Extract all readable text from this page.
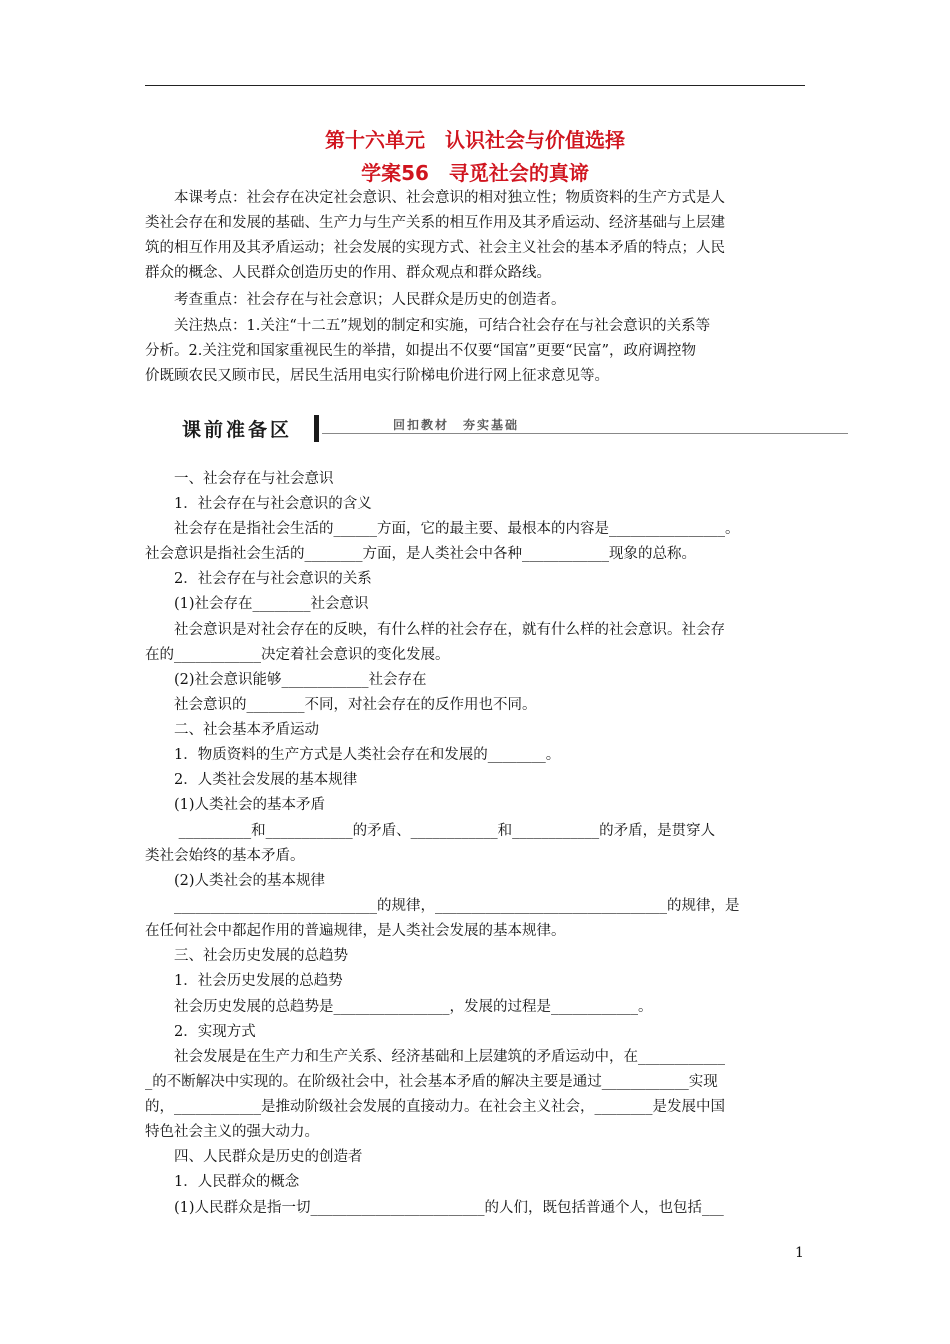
第十六单元　认识社会与价值选择
学案56　寻觅社会的真谛
　　本课考点：社会存在决定社会意识、社会意识的相对独立性；物质资料的生产方式是人
类社会存在和发展的基础、生产力与生产关系的相互作用及其矛盾运动、经济基础与上层建
筑的相互作用及其矛盾运动；社会发展的实现方式、社会主义社会的基本矛盾的特点；人民
群众的概念、人民群众创造历史的作用、群众观点和群众路线。
　　考查重点：社会存在与社会意识；人民群众是历史的创造者。
　　关注热点：1.关注“十二五”规划的制定和实施，可结合社会存在与社会意识的关系等
分析。2.关注党和国家重视民生的举措，如提出不仅要“国富”更要“民富”，政府调控物
价既顾农民又顾市民，居民生活用电实行阶梯电价进行网上征求意见等。
课前准备区	回扣教材　夯实基础
　　一、社会存在与社会意识
　　1．社会存在与社会意识的含义
　　社会存在是指社会生活的______方面，它的最主要、最根本的内容是________________。
社会意识是指社会生活的________方面，是人类社会中各种____________现象的总称。
　　2．社会存在与社会意识的关系
　　(1)社会存在________社会意识
　　社会意识是对社会存在的反映，有什么样的社会存在，就有什么样的社会意识。社会存
在的____________决定着社会意识的变化发展。
　　(2)社会意识能够____________社会存在
　　社会意识的________不同，对社会存在的反作用也不同。
　　二、社会基本矛盾运动
　　1．物质资料的生产方式是人类社会存在和发展的________。
　　2．人类社会发展的基本规律
　　(1)人类社会的基本矛盾
　　 __________和____________的矛盾、____________和____________的矛盾，是贯穿人
类社会始终的基本矛盾。
　　(2)人类社会的基本规律
　　____________________________的规律，________________________________的规律，是
在任何社会中都起作用的普遍规律，是人类社会发展的基本规律。
　　三、社会历史发展的总趋势
　　1．社会历史发展的总趋势
　　社会历史发展的总趋势是________________，发展的过程是____________。
　　2．实现方式
　　社会发展是在生产力和生产关系、经济基础和上层建筑的矛盾运动中，在____________
_的不断解决中实现的。在阶级社会中，社会基本矛盾的解决主要是通过____________实现
的，____________是推动阶级社会发展的直接动力。在社会主义社会，________是发展中国
特色社会主义的强大动力。
　　四、人民群众是历史的创造者
　　1．人民群众的概念
　　(1)人民群众是指一切________________________的人们，既包括普通个人，也包括___
1
